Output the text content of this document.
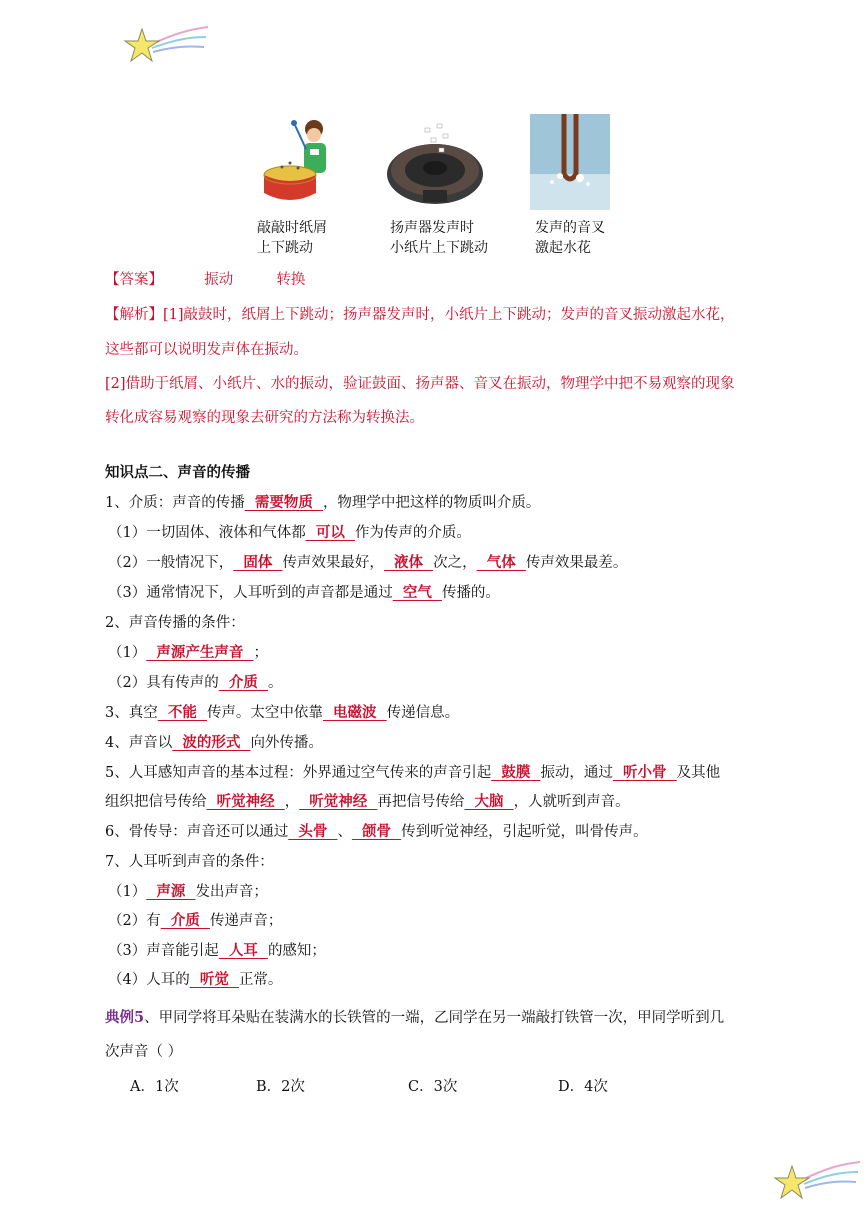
敲敲时纸屑
上下跳动
扬声器发声时
小纸片上下跳动
发声的音叉
激起水花
【答案】	振动	转换
【解析】[1]敲鼓时，纸屑上下跳动；扬声器发声时，小纸片上下跳动；发声的音叉振动激起水花，
这些都可以说明发声体在振动。
[2]借助于纸屑、小纸片、水的振动，验证鼓面、扬声器、音叉在振动，物理学中把不易观察的现象
转化成容易观察的现象去研究的方法称为转换法。
知识点二、声音的传播
1、介质：声音的传播  需要物质  ，物理学中把这样的物质叫介质。
（1）一切固体、液体和气体都  可以  作为传声的介质。
（2）一般情况下，  固体  传声效果最好，  液体  次之，  气体  传声效果最差。
（3）通常情况下，人耳听到的声音都是通过  空气  传播的。
2、声音传播的条件：
（1）  声源产生声音  ；
（2）具有传声的  介质  。
3、真空  不能  传声。太空中依靠  电磁波  传递信息。
4、声音以  波的形式  向外传播。
5、人耳感知声音的基本过程：外界通过空气传来的声音引起  鼓膜  振动，通过  听小骨  及其他
组织把信号传给  听觉神经  ，  听觉神经  再把信号传给  大脑  ，人就听到声音。
6、骨传导：声音还可以通过  头骨  、  颌骨  传到听觉神经，引起听觉，叫骨传声。
7、人耳听到声音的条件：
（1）  声源  发出声音；
（2）有  介质  传递声音；
（3）声音能引起  人耳  的感知；
（4）人耳的  听觉  正常。
典例5、甲同学将耳朵贴在装满水的长铁管的一端，乙同学在另一端敲打铁管一次，甲同学听到几
次声音（ ）
A．1次	B．2次	C．3次	D．4次
